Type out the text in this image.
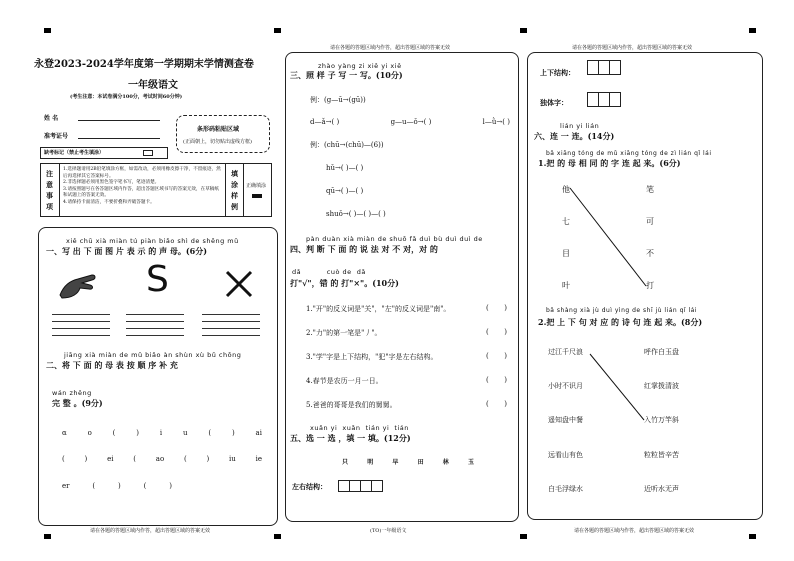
永登2023-2024学年度第一学期期末学情测查卷
一年级语文
(考生注意：本试卷满分100分，考试时间60分钟)
姓 名
准考证号
缺考标记（禁止考生填涂）
条形码粘贴区域
(正面朝上，切勿贴出虚线方框)
注意事项
1.选择题请用2B铅笔填涂方框，如需改动，必须用橡皮擦干净，不留痕迹，然后再选择其它答案标号。
2.非选择题必须用黑色签字笔书写，笔迹清楚。
3.请按照题号在各答题区域内作答，超出答题区域书写的答案无效，在草稿纸和试题上的答案无效。
4.请保持卡面清洁，不要折叠和弄破答题卡。
填涂样例
正确填涂
xiě chū xià miàn tú piàn biǎo shì de shēng mǔ
一、写 出 下 面 图 片 表 示 的 声 母。(6分)
S
jiāng xià miàn de mǔ biǎo àn shùn xù bǔ chōng
二、将 下 面 的 母 表 按 顺 序 补 充
wán zhěng
完 整 。(9分)
α	o	(	)	i	u	(	)	ai
(	)	ei	(	ao	(	)	iu	ie
er	(	)	(	)
请在各题的答题区域内作答，超出答题区域的答案无效
请在各题的答题区域内作答，超出答题区域的答案无效
zhào yàng zi xiě yi xiě
三、照 样 子 写 一 写。(10分)
例：(g—ū→(gū))
d—ǎ→( )	g—u—ǒ→( )	l—ǜ→( )
例：(chū→(chū)—(6))
hǔ→( )—( )
qū→( )—( )
shuǒ→( )—( )—( )
pàn duàn xià miàn de shuō fǎ duì bù duì duì de
四、判 断 下 面 的 说 法 对 不 对，对 的
dǎ          cuò de  dǎ
打"√"，错 的 打"×"。(10分)
1."开"的反义词是"关"，"左"的反义词是"南"。
2."力"的第一笔是"丿"。
3."学"字是上下结构，"犯"字是左右结构。
4.春节是农历一月一日。
5.爸爸的哥哥是我们的舅舅。
(       )
(       )
(       )
(       )
(       )
xuǎn yi  xuǎn  tián yi  tián
五、选 一 选 ，填 一 填。(12分)
只	明	早	田	林	玉
左右结构：
(TO)一年级语文
请在各题的答题区域内作答，超出答题区域的答案无效
上下结构：
独体字：
lián yi lián
六、连 一 连。(14分)
bǎ xiāng tóng de mǔ xiāng tóng de zì lián qǐ lái
1.把 的 母 相 同 的 字 连 起 来。(6分)
他
七
目
叶
笔
可
不
打
bǎ shàng xià jù duì yìng de shī jù lián qǐ lái
2.把 上 下 句 对 应 的 诗 句 连 起 来。(8分)
过江千尺浪
小时不识月
遥知盘中餐
远看山有色
呼作白玉盘
红掌拨清波
入竹万竿斜
粒粒皆辛苦
白毛浮绿水	近听水无声
请在各题的答题区域内作答，超出答题区域的答案无效
